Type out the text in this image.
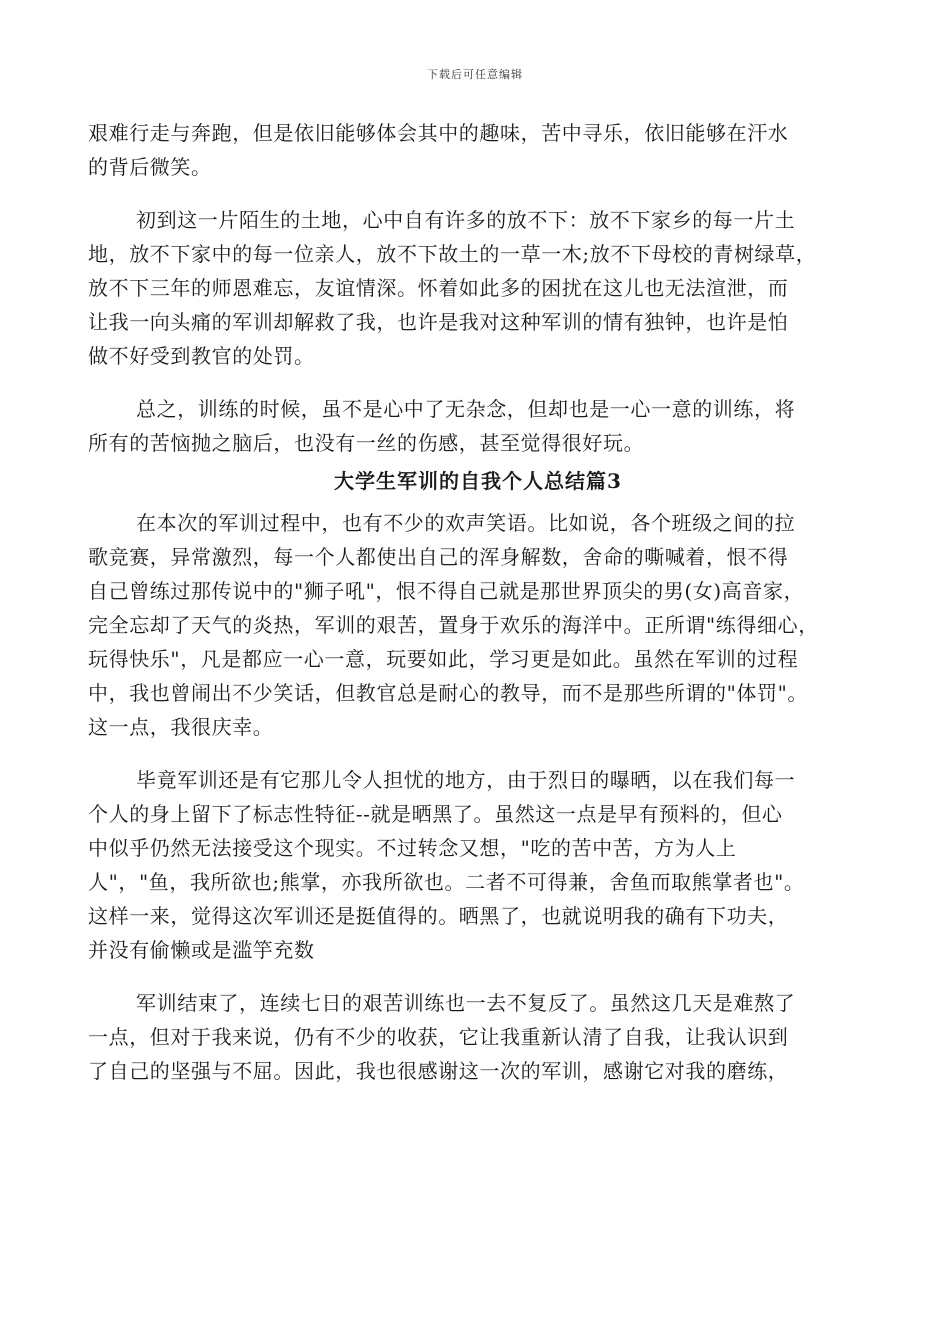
下载后可任意编辑
艰难行走与奔跑，但是依旧能够体会其中的趣味，苦中寻乐，依旧能够在汗水
的背后微笑。
初到这一片陌生的土地，心中自有许多的放不下：放不下家乡的每一片土
地，放不下家中的每一位亲人，放不下故土的一草一木;放不下母校的青树绿草，
放不下三年的师恩难忘，友谊情深。怀着如此多的困扰在这儿也无法渲泄，而
让我一向头痛的军训却解救了我，也许是我对这种军训的情有独钟，也许是怕
做不好受到教官的处罚。
总之，训练的时候，虽不是心中了无杂念，但却也是一心一意的训练，将
所有的苦恼抛之脑后，也没有一丝的伤感，甚至觉得很好玩。
大学生军训的自我个人总结篇3
在本次的军训过程中，也有不少的欢声笑语。比如说，各个班级之间的拉
歌竞赛，异常激烈，每一个人都使出自己的浑身解数，舍命的嘶喊着，恨不得
自己曾练过那传说中的"狮子吼"，恨不得自己就是那世界顶尖的男(女)高音家，
完全忘却了天气的炎热，军训的艰苦，置身于欢乐的海洋中。正所谓"练得细心，
玩得快乐"，凡是都应一心一意，玩要如此，学习更是如此。虽然在军训的过程
中，我也曾闹出不少笑话，但教官总是耐心的教导，而不是那些所谓的"体罚"。
这一点，我很庆幸。
毕竟军训还是有它那儿令人担忧的地方，由于烈日的曝晒，以在我们每一
个人的身上留下了标志性特征--就是晒黑了。虽然这一点是早有预料的，但心
中似乎仍然无法接受这个现实。不过转念又想，"吃的苦中苦，方为人上
人"，"鱼，我所欲也;熊掌，亦我所欲也。二者不可得兼，舍鱼而取熊掌者也"。
这样一来，觉得这次军训还是挺值得的。晒黑了，也就说明我的确有下功夫，
并没有偷懒或是滥竽充数
军训结束了，连续七日的艰苦训练也一去不复反了。虽然这几天是难熬了
一点，但对于我来说，仍有不少的收获，它让我重新认清了自我，让我认识到
了自己的坚强与不屈。因此，我也很感谢这一次的军训，感谢它对我的磨练，
